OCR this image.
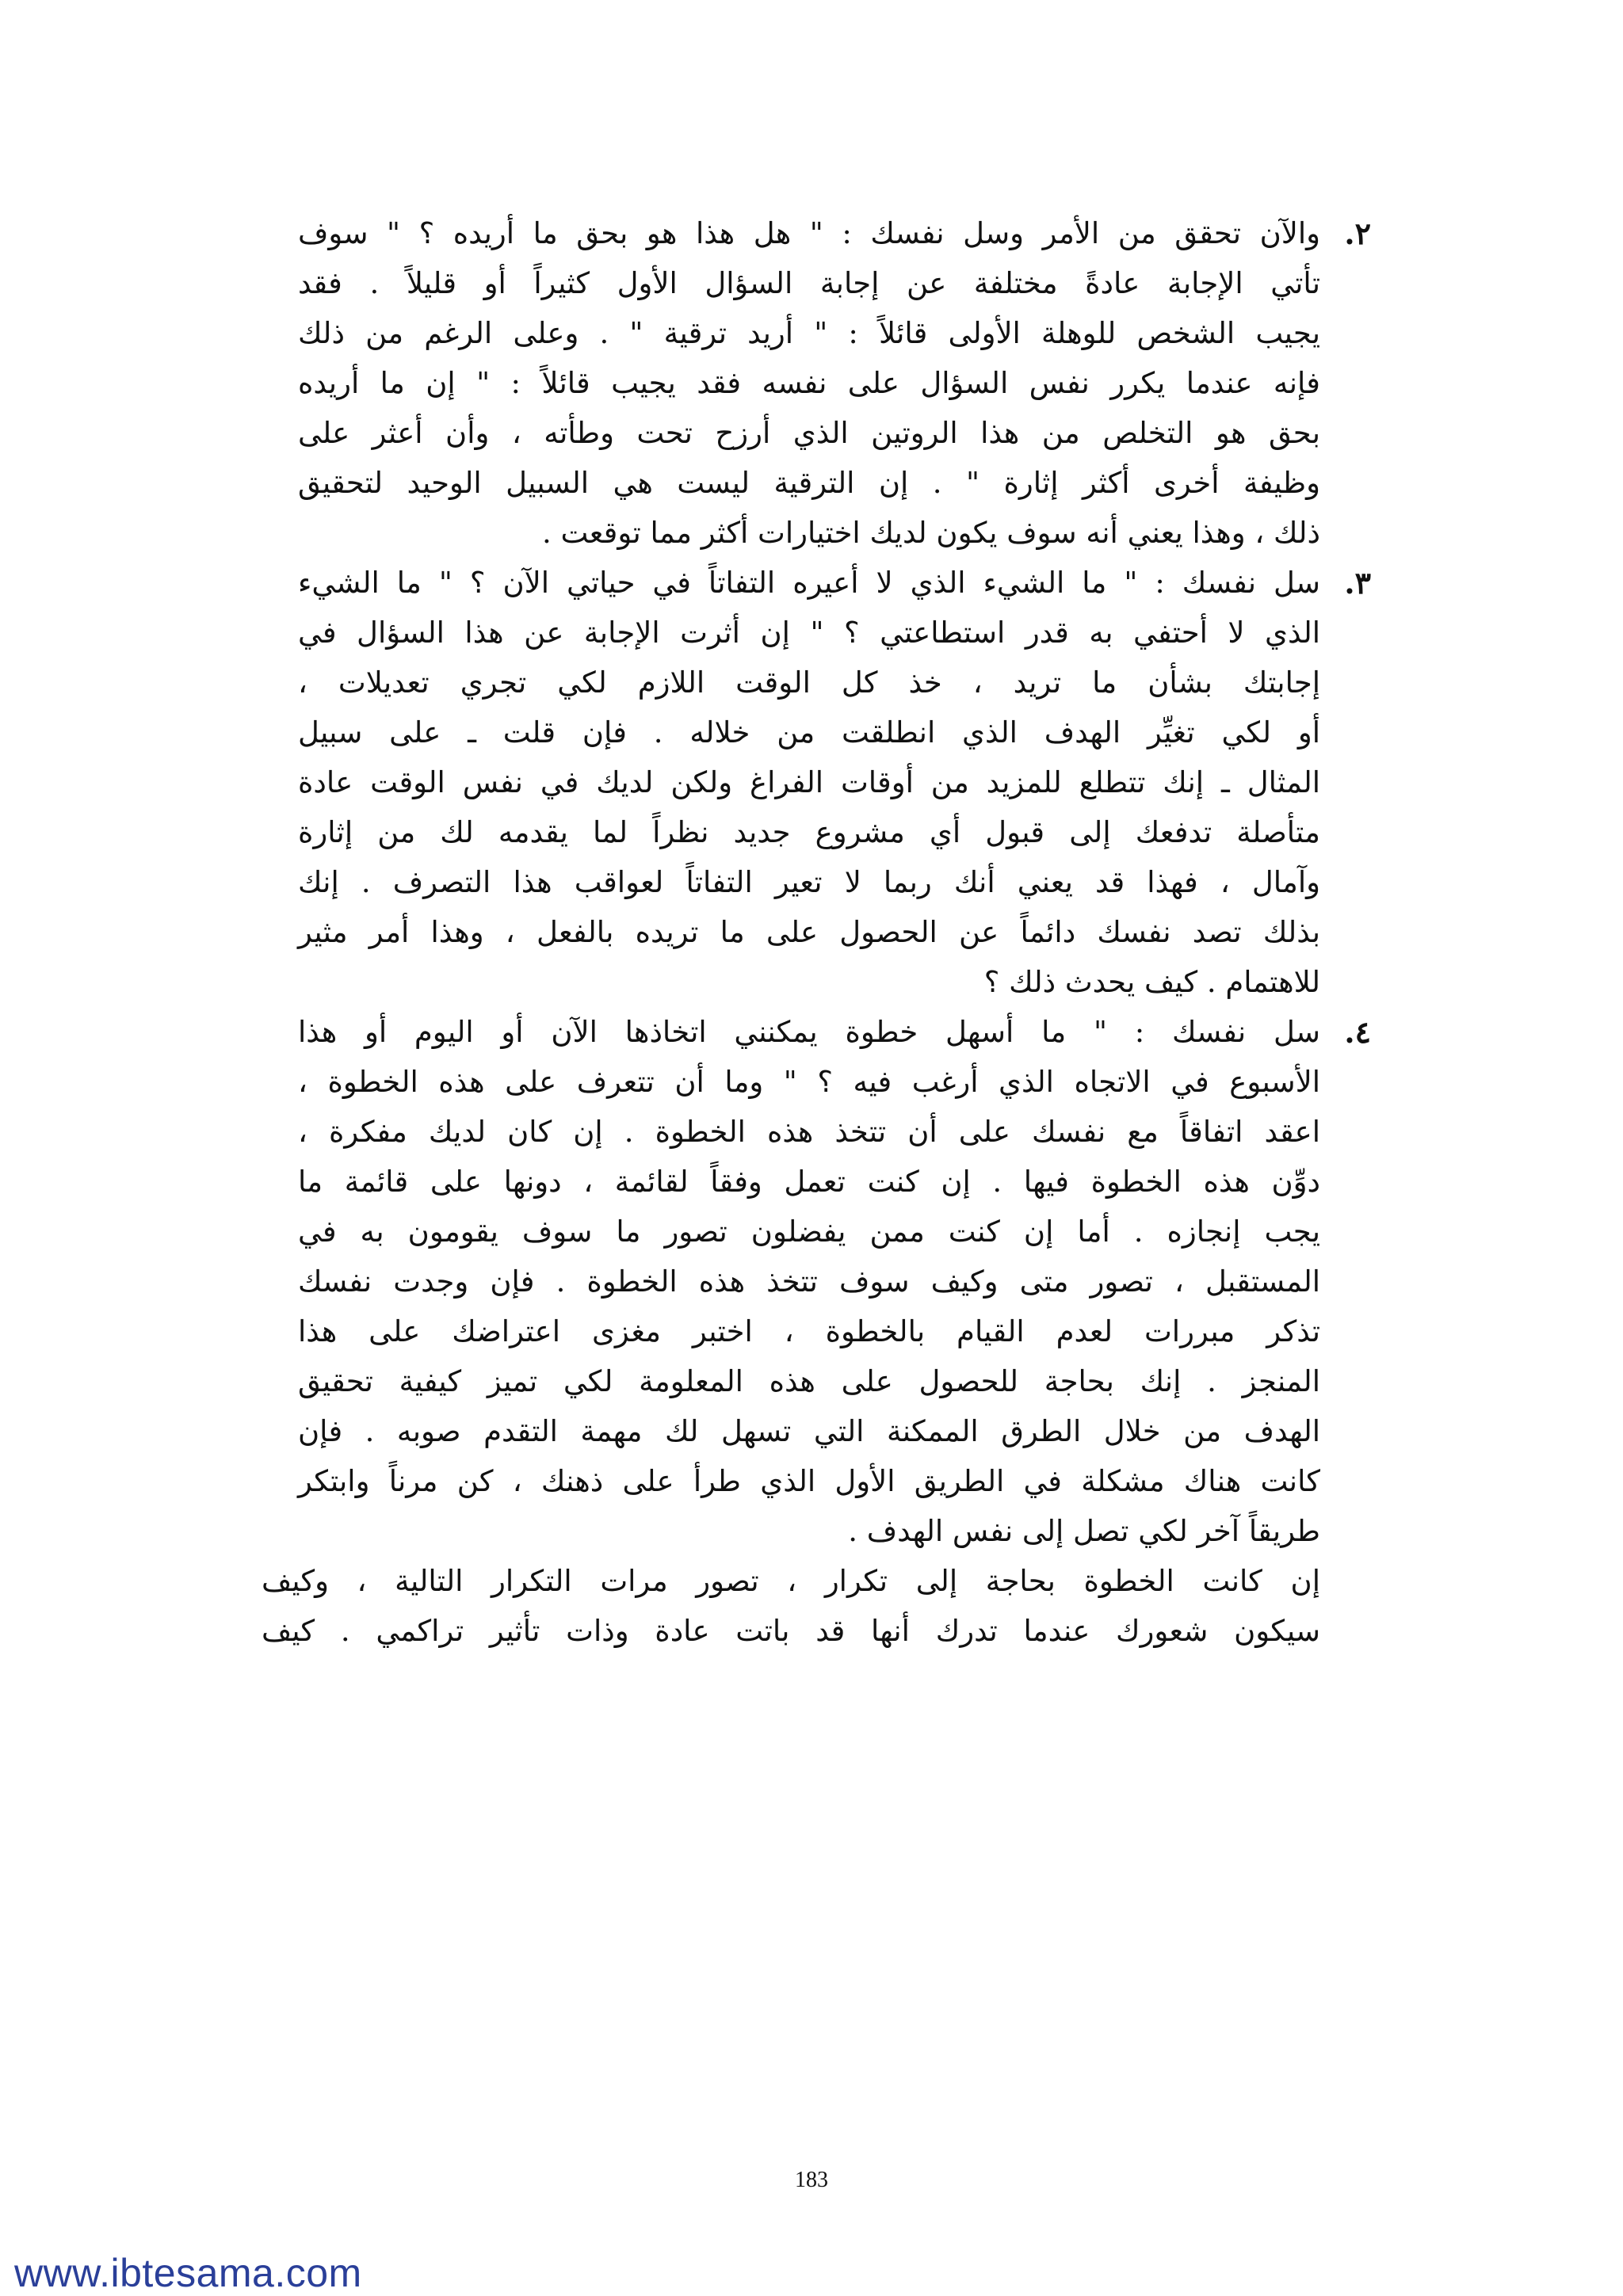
٢.
والآن تحقق من الأمر وسل نفسك : " هل هذا هو بحق ما أريده ؟ " سوف
تأتي الإجابة عادةً مختلفة عن إجابة السؤال الأول كثيراً أو قليلاً . فقد
يجيب الشخص للوهلة الأولى قائلاً : " أريد ترقية " . وعلى الرغم من ذلك
فإنه عندما يكرر نفس السؤال على نفسه فقد يجيب قائلاً : " إن ما أريده
بحق هو التخلص من هذا الروتين الذي أرزح تحت وطأته ، وأن أعثر على
وظيفة أخرى أكثر إثارة " . إن الترقية ليست هي السبيل الوحيد لتحقيق
ذلك ، وهذا يعني أنه سوف يكون لديك اختيارات أكثر مما توقعت .
٣.
سل نفسك : " ما الشيء الذي لا أعيره التفاتاً في حياتي الآن ؟ " ما الشيء
الذي لا أحتفي به قدر استطاعتي ؟ " إن أثرت الإجابة عن هذا السؤال في
إجابتك بشأن ما تريد ، خذ كل الوقت اللازم لكي تجري تعديلات ،
أو لكي تغيِّر الهدف الذي انطلقت من خلاله . فإن قلت ـ على سبيل
المثال ـ إنك تتطلع للمزيد من أوقات الفراغ ولكن لديك في نفس الوقت عادة
متأصلة تدفعك إلى قبول أي مشروع جديد نظراً لما يقدمه لك من إثارة
وآمال ، فهذا قد يعني أنك ربما لا تعير التفاتاً لعواقب هذا التصرف . إنك
بذلك تصد نفسك دائماً عن الحصول على ما تريده بالفعل ، وهذا أمر مثير
للاهتمام . كيف يحدث ذلك ؟
٤.
سل نفسك : " ما أسهل خطوة يمكنني اتخاذها الآن أو اليوم أو هذا
الأسبوع في الاتجاه الذي أرغب فيه ؟ " وما أن تتعرف على هذه الخطوة ،
اعقد اتفاقاً مع نفسك على أن تتخذ هذه الخطوة . إن كان لديك مفكرة ،
دوِّن هذه الخطوة فيها . إن كنت تعمل وفقاً لقائمة ، دونها على قائمة ما
يجب إنجازه . أما إن كنت ممن يفضلون تصور ما سوف يقومون به في
المستقبل ، تصور متى وكيف سوف تتخذ هذه الخطوة . فإن وجدت نفسك
تذكر مبررات لعدم القيام بالخطوة ، اختبر مغزى اعتراضك على هذا
المنجز . إنك بحاجة للحصول على هذه المعلومة لكي تميز كيفية تحقيق
الهدف من خلال الطرق الممكنة التي تسهل لك مهمة التقدم صوبه . فإن
كانت هناك مشكلة في الطريق الأول الذي طرأ على ذهنك ، كن مرناً وابتكر
طريقاً آخر لكي تصل إلى نفس الهدف .
إن كانت الخطوة بحاجة إلى تكرار ، تصور مرات التكرار التالية ، وكيف
سيكون شعورك عندما تدرك أنها قد باتت عادة وذات تأثير تراكمي . كيف
183
www.ibtesama.com
